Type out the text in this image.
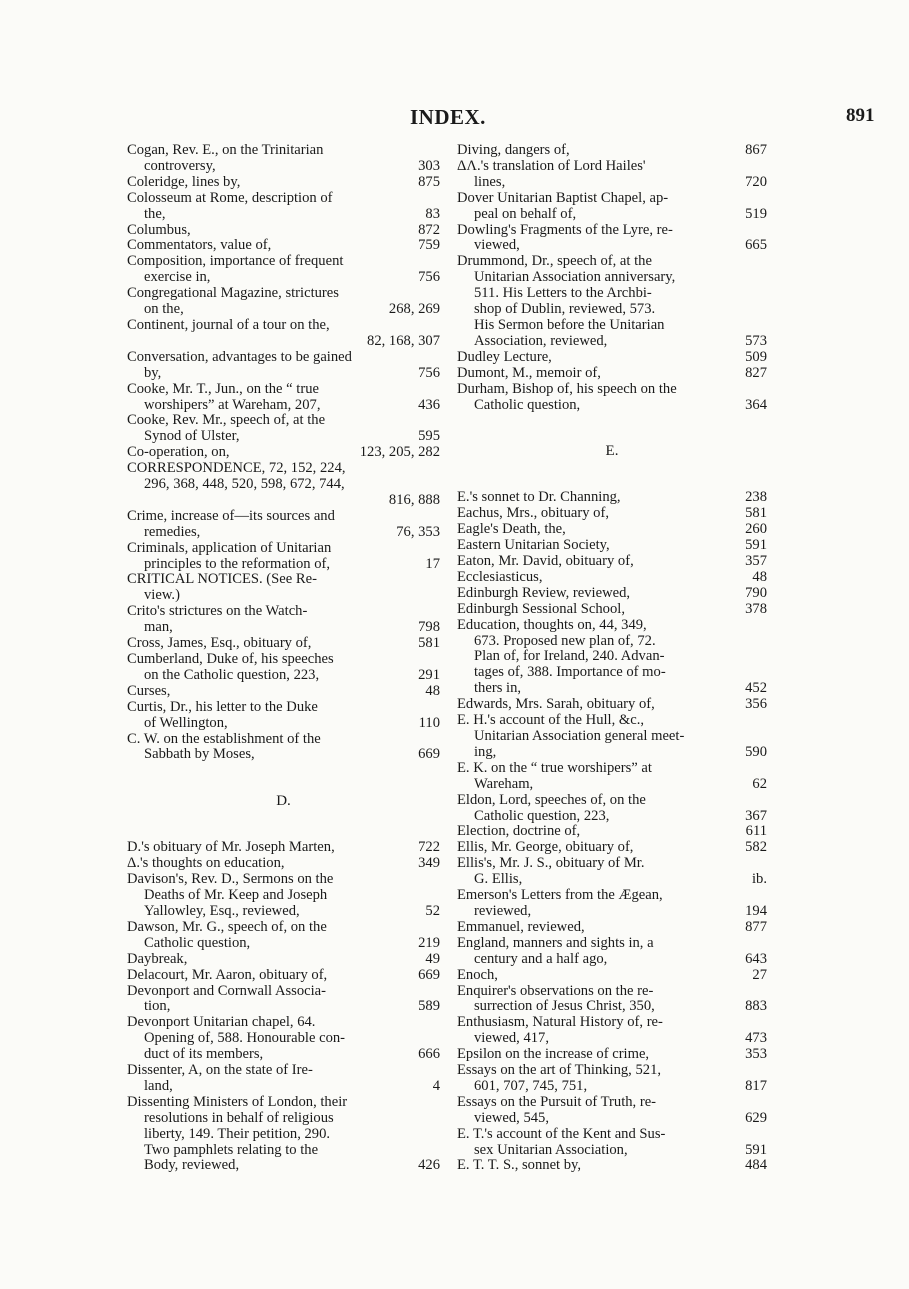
INDEX.	891
Cogan, Rev. E., on the Trinitarian
controversy,	303
Coleridge, lines by,	875
Colosseum at Rome, description of
the,	83
Columbus,	872
Commentators, value of,	759
Composition, importance of frequent
exercise in,	756
Congregational Magazine, strictures
on the,	268, 269
Continent, journal of a tour on the,
82, 168, 307
Conversation, advantages to be gained
by,	756
Cooke, Mr. T., Jun., on the “ true
worshipers” at Wareham, 207,	436
Cooke, Rev. Mr., speech of, at the
Synod of Ulster,	595
Co-operation, on,	123, 205, 282
CORRESPONDENCE, 72, 152, 224,
296, 368, 448, 520, 598, 672, 744,
816, 888
Crime, increase of—its sources and
remedies,	76, 353
Criminals, application of Unitarian
principles to the reformation of,	17
CRITICAL NOTICES. (See Re-
view.)
Crito's strictures on the Watch-
man,	798
Cross, James, Esq., obituary of,	581
Cumberland, Duke of, his speeches
on the Catholic question, 223,	291
Curses,	48
Curtis, Dr., his letter to the Duke
of Wellington,	110
C. W. on the establishment of the
Sabbath by Moses,	669
D.
D.'s obituary of Mr. Joseph Marten,	722
Δ.'s thoughts on education,	349
Davison's, Rev. D., Sermons on the
Deaths of Mr. Keep and Joseph
Yallowley, Esq., reviewed,	52
Dawson, Mr. G., speech of, on the
Catholic question,	219
Daybreak,	49
Delacourt, Mr. Aaron, obituary of,	669
Devonport and Cornwall Associa-
tion,	589
Devonport Unitarian chapel, 64.
Opening of, 588. Honourable con-
duct of its members,	666
Dissenter, A, on the state of Ire-
land,	4
Dissenting Ministers of London, their
resolutions in behalf of religious
liberty, 149. Their petition, 290.
Two pamphlets relating to the
Body, reviewed,	426
Diving, dangers of,	867
ΔΛ.'s translation of Lord Hailes'
lines,	720
Dover Unitarian Baptist Chapel, ap-
peal on behalf of,	519
Dowling's Fragments of the Lyre, re-
viewed,	665
Drummond, Dr., speech of, at the
Unitarian Association anniversary,
511. His Letters to the Archbi-
shop of Dublin, reviewed, 573.
His Sermon before the Unitarian
Association, reviewed,	573
Dudley Lecture,	509
Dumont, M., memoir of,	827
Durham, Bishop of, his speech on the
Catholic question,	364
E.
E.'s sonnet to Dr. Channing,	238
Eachus, Mrs., obituary of,	581
Eagle's Death, the,	260
Eastern Unitarian Society,	591
Eaton, Mr. David, obituary of,	357
Ecclesiasticus,	48
Edinburgh Review, reviewed,	790
Edinburgh Sessional School,	378
Education, thoughts on, 44, 349,
673. Proposed new plan of, 72.
Plan of, for Ireland, 240. Advan-
tages of, 388. Importance of mo-
thers in,	452
Edwards, Mrs. Sarah, obituary of,	356
E. H.'s account of the Hull, &c.,
Unitarian Association general meet-
ing,	590
E. K. on the “ true worshipers” at
Wareham,	62
Eldon, Lord, speeches of, on the
Catholic question, 223,	367
Election, doctrine of,	611
Ellis, Mr. George, obituary of,	582
Ellis's, Mr. J. S., obituary of Mr.
G. Ellis,	ib.
Emerson's Letters from the Ægean,
reviewed,	194
Emmanuel, reviewed,	877
England, manners and sights in, a
century and a half ago,	643
Enoch,	27
Enquirer's observations on the re-
surrection of Jesus Christ, 350,	883
Enthusiasm, Natural History of, re-
viewed, 417,	473
Epsilon on the increase of crime,	353
Essays on the art of Thinking, 521,
601, 707, 745, 751,	817
Essays on the Pursuit of Truth, re-
viewed, 545,	629
E. T.'s account of the Kent and Sus-
sex Unitarian Association,	591
E. T. T. S., sonnet by,	484
